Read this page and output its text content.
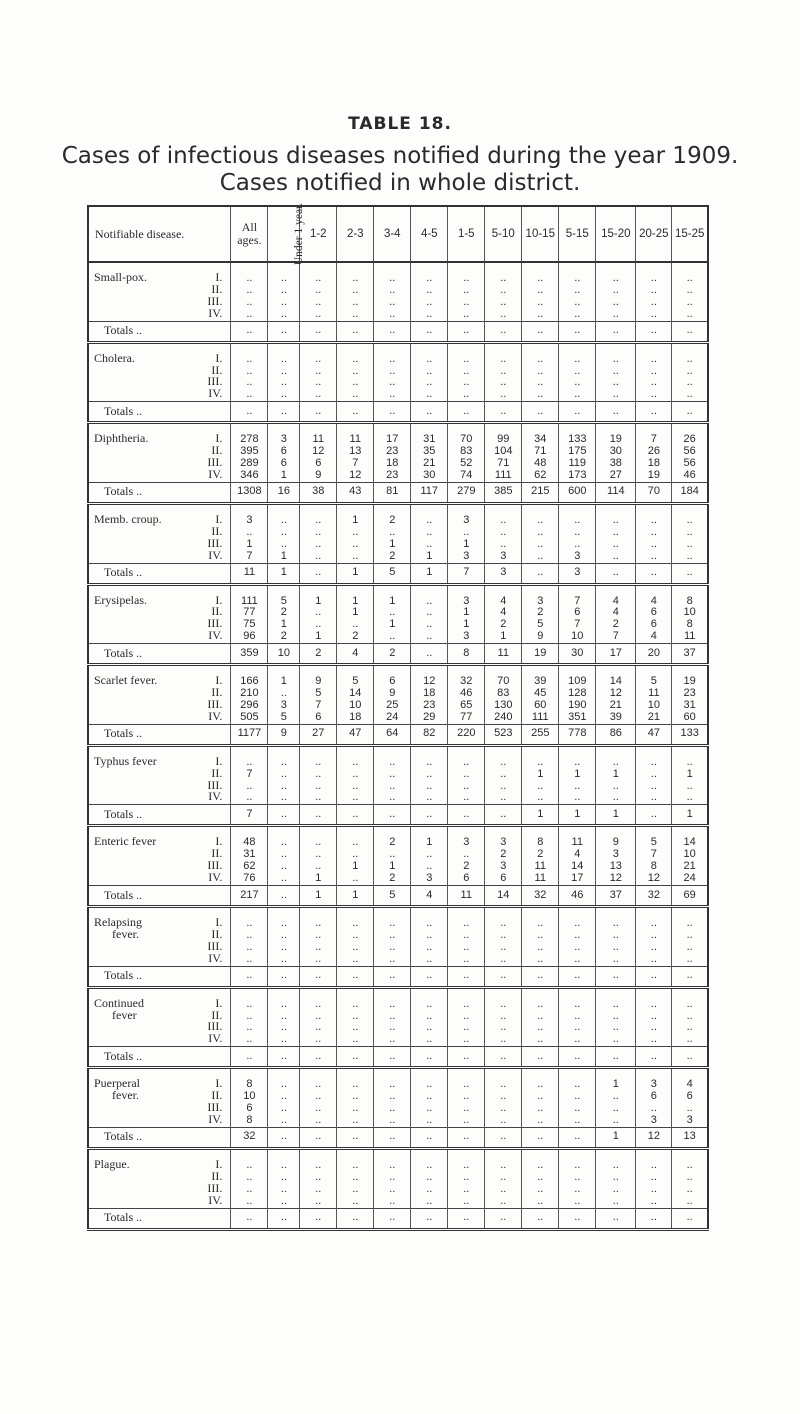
TABLE 18.
Cases of infectious diseases notified during the year 1909.
Cases notified in whole district.
Notifiable disease.	All ages.	Under 1 year.	1-2	2-3	3-4	4-5	1-5	5-10	10-15	5-15	15-20	20-25	15-25

Small-pox. I.	..	..	..	..	..	..	..	..	..	..	..	..	..

II.	..	..	..	..	..	..	..	..	..	..	..	..	..

III.	..	..	..	..	..	..	..	..	..	..	..	..	..

IV.	..	..	..	..	..	..	..	..	..	..	..	..	..
Totals ..	..	..	..	..	..	..	..	..	..	..	..	..	..

Cholera. I.	..	..	..	..	..	..	..	..	..	..	..	..	..

II.	..	..	..	..	..	..	..	..	..	..	..	..	..

III.	..	..	..	..	..	..	..	..	..	..	..	..	..

IV.	..	..	..	..	..	..	..	..	..	..	..	..	..
Totals ..	..	..	..	..	..	..	..	..	..	..	..	..	..

Diphtheria. I.	278	3	11	11	17	31	70	99	34	133	19	7	26

II.	395	6	12	13	23	35	83	104	71	175	30	26	56

III.	289	6	6	7	18	21	52	71	48	119	38	18	56

IV.	346	1	9	12	23	30	74	111	62	173	27	19	46
Totals ..	1308	16	38	43	81	117	279	385	215	600	114	70	184

Memb. croup. I.	3	..	..	1	2	..	3	..	..	..	..	..	..

II.	..	..	..	..	..	..	..	..	..	..	..	..	..

III.	1	..	..	..	1	..	1	..	..	..	..	..	..

IV.	7	1	..	..	2	1	3	3	..	3	..	..	..
Totals ..	11	1	..	1	5	1	7	3	..	3	..	..	..

Erysipelas. I.	111	5	1	1	1	..	3	4	3	7	4	4	8

II.	77	2	..	1	..	..	1	4	2	6	4	6	10

III.	75	1	..	..	1	..	1	2	5	7	2	6	8

IV.	96	2	1	2	..	..	3	1	9	10	7	4	11
Totals ..	359	10	2	4	2	..	8	11	19	30	17	20	37

Scarlet fever. I.	166	1	9	5	6	12	32	70	39	109	14	5	19

II.	210	..	5	14	9	18	46	83	45	128	12	11	23

III.	296	3	7	10	25	23	65	130	60	190	21	10	31

IV.	505	5	6	18	24	29	77	240	111	351	39	21	60
Totals ..	1177	9	27	47	64	82	220	523	255	778	86	47	133

Typhus fever I.	..	..	..	..	..	..	..	..	..	..	..	..	..

II.	7	..	..	..	..	..	..	..	1	1	1	..	1

III.	..	..	..	..	..	..	..	..	..	..	..	..	..

IV.	..	..	..	..	..	..	..	..	..	..	..	..	..
Totals ..	7	..	..	..	..	..	..	..	1	1	1	..	1

Enteric fever I.	48	..	..	..	2	1	3	3	8	11	9	5	14

II.	31	..	..	..	..	..	..	2	2	4	3	7	10

III.	62	..	..	1	1	..	2	3	11	14	13	8	21

IV.	76	..	1	..	2	3	6	6	11	17	12	12	24
Totals ..	217	..	1	1	5	4	11	14	32	46	37	32	69

Relapsing I.	..	..	..	..	..	..	..	..	..	..	..	..	..

fever. II.	..	..	..	..	..	..	..	..	..	..	..	..	..

III.	..	..	..	..	..	..	..	..	..	..	..	..	..

IV.	..	..	..	..	..	..	..	..	..	..	..	..	..
Totals ..	..	..	..	..	..	..	..	..	..	..	..	..	..

Continued I.	..	..	..	..	..	..	..	..	..	..	..	..	..

fever II.	..	..	..	..	..	..	..	..	..	..	..	..	..

III.	..	..	..	..	..	..	..	..	..	..	..	..	..

IV.	..	..	..	..	..	..	..	..	..	..	..	..	..
Totals ..	..	..	..	..	..	..	..	..	..	..	..	..	..

Puerperal I.	8	..	..	..	..	..	..	..	..	..	1	3	4

fever. II.	10	..	..	..	..	..	..	..	..	..	..	6	6

III.	6	..	..	..	..	..	..	..	..	..	..	..	..

IV.	8	..	..	..	..	..	..	..	..	..	..	3	3
Totals ..	32	..	..	..	..	..	..	..	..	..	1	12	13

Plague. I.	..	..	..	..	..	..	..	..	..	..	..	..	..

II.	..	..	..	..	..	..	..	..	..	..	..	..	..

III.	..	..	..	..	..	..	..	..	..	..	..	..	..

IV.	..	..	..	..	..	..	..	..	..	..	..	..	..
Totals ..	..	..	..	..	..	..	..	..	..	..	..	..	..
